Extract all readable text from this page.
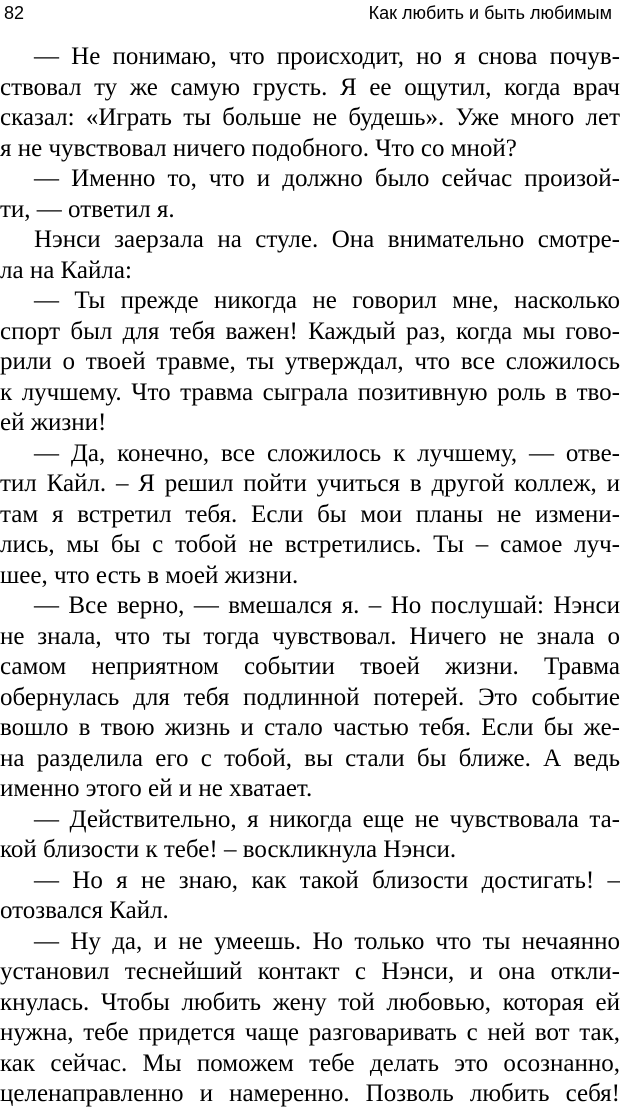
82	Как любить и быть любимым
— Не понимаю, что происходит, но я снова почув-
ствовал ту же самую грусть. Я ее ощутил, когда врач
сказал: «Играть ты больше не будешь». Уже много лет
я не чувствовал ничего подобного. Что со мной?
— Именно то, что и должно было сейчас произой-
ти, — ответил я.
Нэнси заерзала на стуле. Она внимательно смотре-
ла на Кайла:
— Ты прежде никогда не говорил мне, насколько
спорт был для тебя важен! Каждый раз, когда мы гово-
рили о твоей травме, ты утверждал, что все сложилось
к лучшему. Что травма сыграла позитивную роль в тво-
ей жизни!
— Да, конечно, все сложилось к лучшему, — отве-
тил Кайл. – Я решил пойти учиться в другой коллеж, и
там я встретил тебя. Если бы мои планы не измени-
лись, мы бы с тобой не встретились. Ты – самое луч-
шее, что есть в моей жизни.
— Все верно, — вмешался я. – Но послушай: Нэнси
не знала, что ты тогда чувствовал. Ничего не знала о
самом неприятном событии твоей жизни. Травма
обернулась для тебя подлинной потерей. Это событие
вошло в твою жизнь и стало частью тебя. Если бы же-
на разделила его с тобой, вы стали бы ближе. А ведь
именно этого ей и не хватает.
— Действительно, я никогда еще не чувствовала та-
кой близости к тебе! – воскликнула Нэнси.
— Но я не знаю, как такой близости достигать! –
отозвался Кайл.
— Ну да, и не умеешь. Но только что ты нечаянно
установил теснейший контакт с Нэнси, и она откли-
кнулась. Чтобы любить жену той любовью, которая ей
нужна, тебе придется чаще разговаривать с ней вот так,
как сейчас. Мы поможем тебе делать это осознанно,
целенаправленно и намеренно. Позволь любить себя!
